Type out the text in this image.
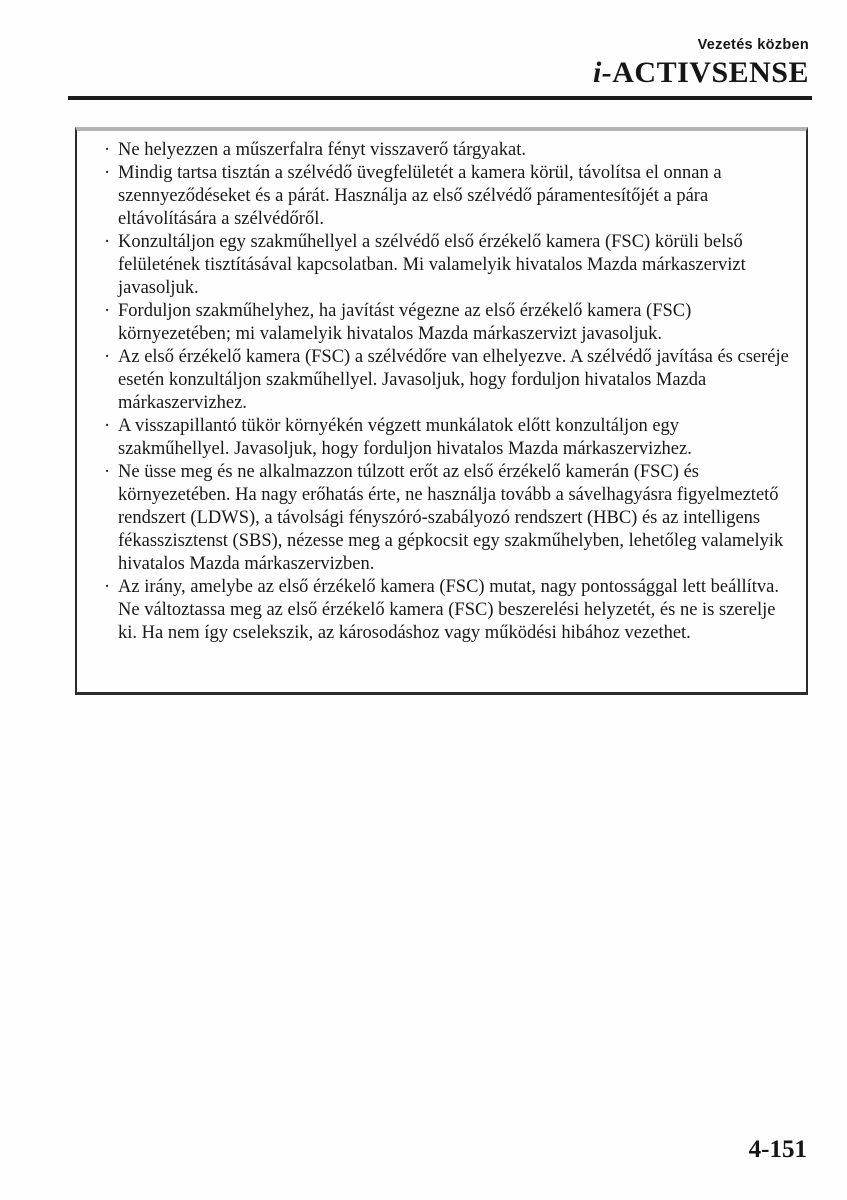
Vezetés közben
i-ACTIVSENSE
· Ne helyezzen a műszerfalra fényt visszaverő tárgyakat.
· Mindig tartsa tisztán a szélvédő üvegfelületét a kamera körül, távolítsa el onnan a szennyeződéseket és a párát. Használja az első szélvédő páramentesítőjét a pára eltávolítására a szélvédőről.
· Konzultáljon egy szakműhellyel a szélvédő első érzékelő kamera (FSC) körüli belső felületének tisztításával kapcsolatban. Mi valamelyik hivatalos Mazda márkaszervizt javasoljuk.
· Forduljon szakműhelyhez, ha javítást végezne az első érzékelő kamera (FSC) környezetében; mi valamelyik hivatalos Mazda márkaszervizt javasoljuk.
· Az első érzékelő kamera (FSC) a szélvédőre van elhelyezve. A szélvédő javítása és cseréje esetén konzultáljon szakműhellyel. Javasoljuk, hogy forduljon hivatalos Mazda márkaszervizhez.
· A visszapillantó tükör környékén végzett munkálatok előtt konzultáljon egy szakműhellyel. Javasoljuk, hogy forduljon hivatalos Mazda márkaszervizhez.
· Ne üsse meg és ne alkalmazzon túlzott erőt az első érzékelő kamerán (FSC) és környezetében. Ha nagy erőhatás érte, ne használja tovább a sávelhagyásra figyelmeztető rendszert (LDWS), a távolsági fényszóró-szabályozó rendszert (HBC) és az intelligens fékasszisztenst (SBS), nézesse meg a gépkocsit egy szakműhelyben, lehetőleg valamelyik hivatalos Mazda márkaszervizben.
· Az irány, amelybe az első érzékelő kamera (FSC) mutat, nagy pontossággal lett beállítva. Ne változtassa meg az első érzékelő kamera (FSC) beszerelési helyzetét, és ne is szerelje ki. Ha nem így cselekszik, az károsodáshoz vagy működési hibához vezethet.
4-151
